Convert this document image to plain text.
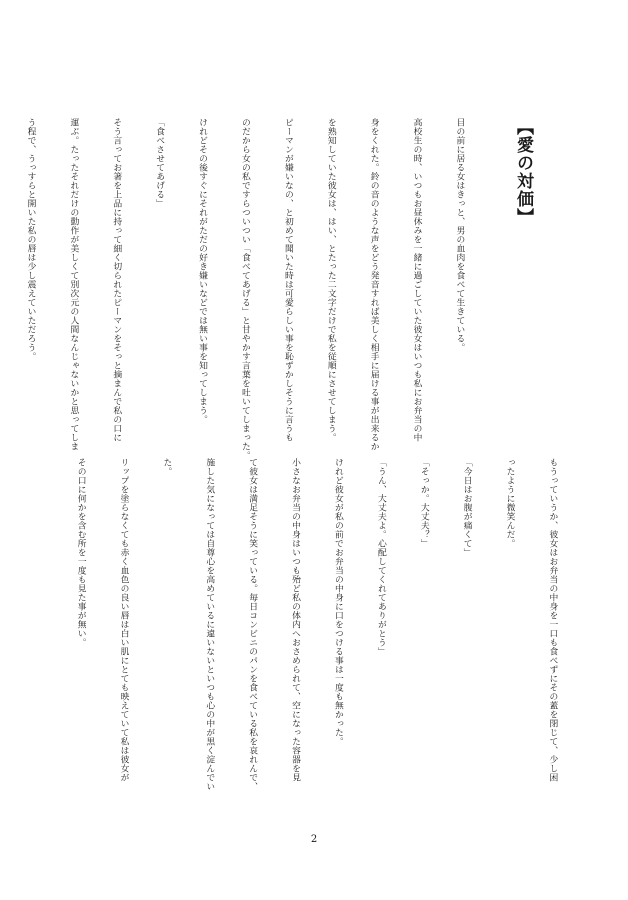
【愛の対価】

目の前に居る女はきっと、男の血肉を食べて生きている。

高校生の時、いつもお昼休みを一緒に過ごしていた彼女はいつも私にお弁当の中

身をくれた。鈴の音のような声をどう発音すれば美しく相手に届ける事が出来るか

を熟知していた彼女は、はい、とたった二文字だけで私を従順にさせてしまう。

ピーマンが嫌いなの、と初めて聞いた時は可愛らしい事を恥ずかしそうに言うも

のだから女の私ですらついつい「食べてあげる」と甘やかす言葉を吐いてしまった。

けれどその後すぐにそれがただの好き嫌いなどでは無い事を知ってしまう。

「食べさせてあげる」

そう言ってお箸を上品に持って細く切られたピーマンをそっと摘まんで私の口に

運ぶ。たったそれだけの動作が美しくて別次元の人間なんじゃないかと思ってしま

う程で、うっすらと開いた私の唇は少し震えていただろう。

もうっていうか、彼女はお弁当の中身を一口も食べずにその蓋を閉じて、少し困

ったように微笑んだ。

「今日はお腹が痛くて」

「そっか。大丈夫？」

「うん、大丈夫よ。心配してくれてありがとう」

けれど彼女が私の前でお弁当の中身に口をつける事は一度も無かった。

小さなお弁当の中身はいつも殆ど私の体内へおさめられて、空になった容器を見

て彼女は満足そうに笑っている。毎日コンビニのパンを食べている私を哀れんで、

施した気になっては自尊心を高めているに違いないといつも心の中が黒く淀んでい

た。

リップを塗らなくても赤く血色の良い唇は白い肌にとても映えていて私は彼女が

その口に何かを含む所を一度も見た事が無い。

2
